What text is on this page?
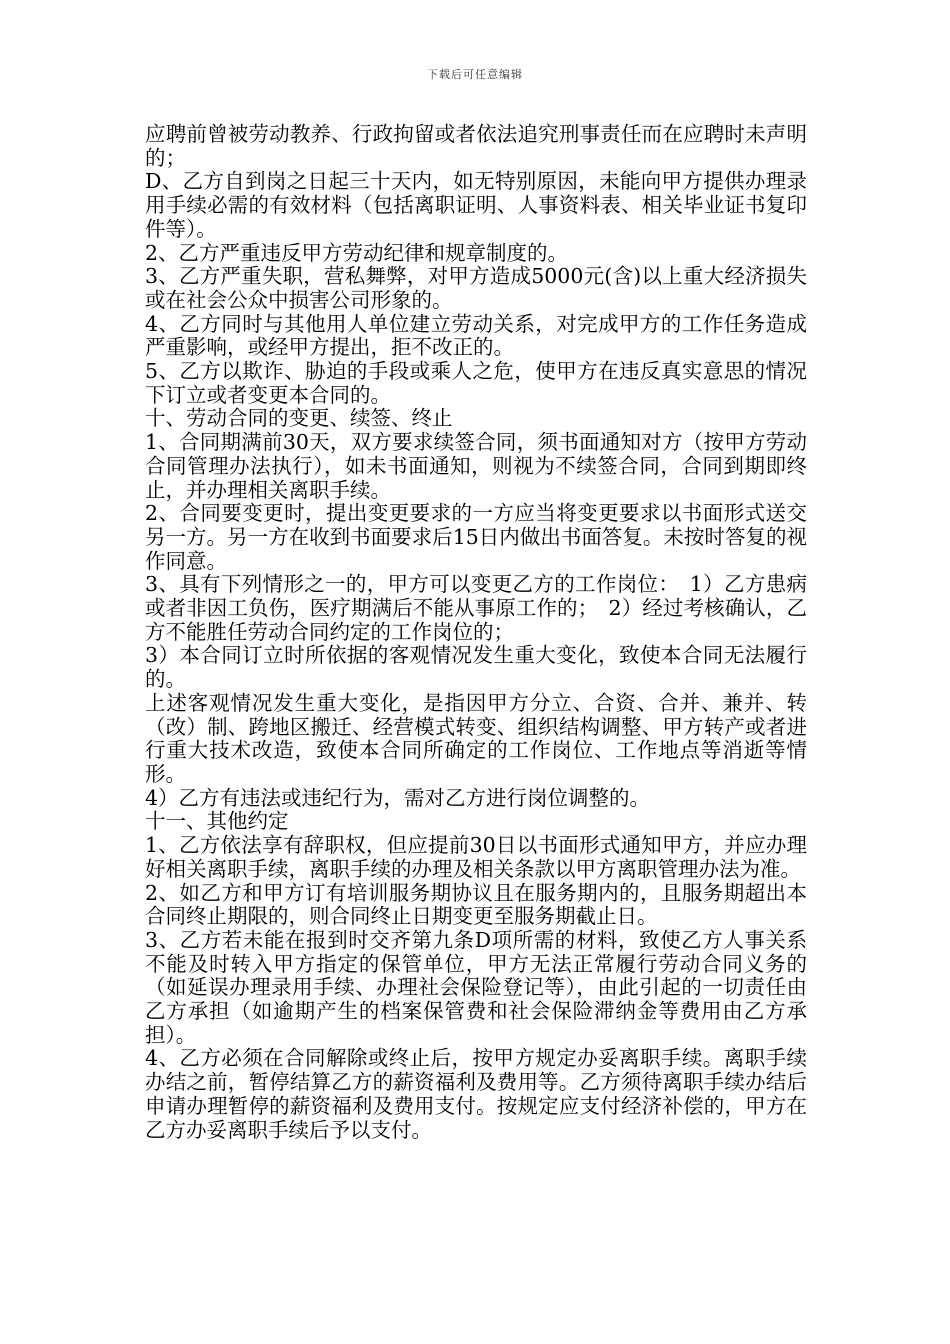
下载后可任意编辑

应聘前曾被劳动教养、行政拘留或者依法追究刑事责任而在应聘时未声明的；

D、乙方自到岗之日起三十天内，如无特别原因，未能向甲方提供办理录用手续必需的有效材料（包括离职证明、人事资料表、相关毕业证书复印件等）。

2、乙方严重违反甲方劳动纪律和规章制度的。

3、乙方严重失职，营私舞弊，对甲方造成5000元(含)以上重大经济损失或在社会公众中损害公司形象的。

4、乙方同时与其他用人单位建立劳动关系，对完成甲方的工作任务造成严重影响，或经甲方提出，拒不改正的。

5、乙方以欺诈、胁迫的手段或乘人之危，使甲方在违反真实意思的情况下订立或者变更本合同的。

十、劳动合同的变更、续签、终止

1、合同期满前30天，双方要求续签合同，须书面通知对方（按甲方劳动合同管理办法执行），如未书面通知，则视为不续签合同，合同到期即终止，并办理相关离职手续。

2、合同要变更时，提出变更要求的一方应当将变更要求以书面形式送交另一方。另一方在收到书面要求后15日内做出书面答复。未按时答复的视作同意。

3、具有下列情形之一的，甲方可以变更乙方的工作岗位：　1）乙方患病或者非因工负伤，医疗期满后不能从事原工作的；　2）经过考核确认，乙方不能胜任劳动合同约定的工作岗位的；

3）本合同订立时所依据的客观情况发生重大变化，致使本合同无法履行的。

上述客观情况发生重大变化，是指因甲方分立、合资、合并、兼并、转（改）制、跨地区搬迁、经营模式转变、组织结构调整、甲方转产或者进行重大技术改造，致使本合同所确定的工作岗位、工作地点等消逝等情形。

4）乙方有违法或违纪行为，需对乙方进行岗位调整的。

十一、其他约定

1、乙方依法享有辞职权，但应提前30日以书面形式通知甲方，并应办理好相关离职手续，离职手续的办理及相关条款以甲方离职管理办法为准。

2、如乙方和甲方订有培训服务期协议且在服务期内的，且服务期超出本合同终止期限的，则合同终止日期变更至服务期截止日。

3、乙方若未能在报到时交齐第九条D项所需的材料，致使乙方人事关系不能及时转入甲方指定的保管单位，甲方无法正常履行劳动合同义务的（如延误办理录用手续、办理社会保险登记等），由此引起的一切责任由乙方承担（如逾期产生的档案保管费和社会保险滞纳金等费用由乙方承担）。

4、乙方必须在合同解除或终止后，按甲方规定办妥离职手续。离职手续办结之前，暂停结算乙方的薪资福利及费用等。乙方须待离职手续办结后申请办理暂停的薪资福利及费用支付。按规定应支付经济补偿的，甲方在乙方办妥离职手续后予以支付。
